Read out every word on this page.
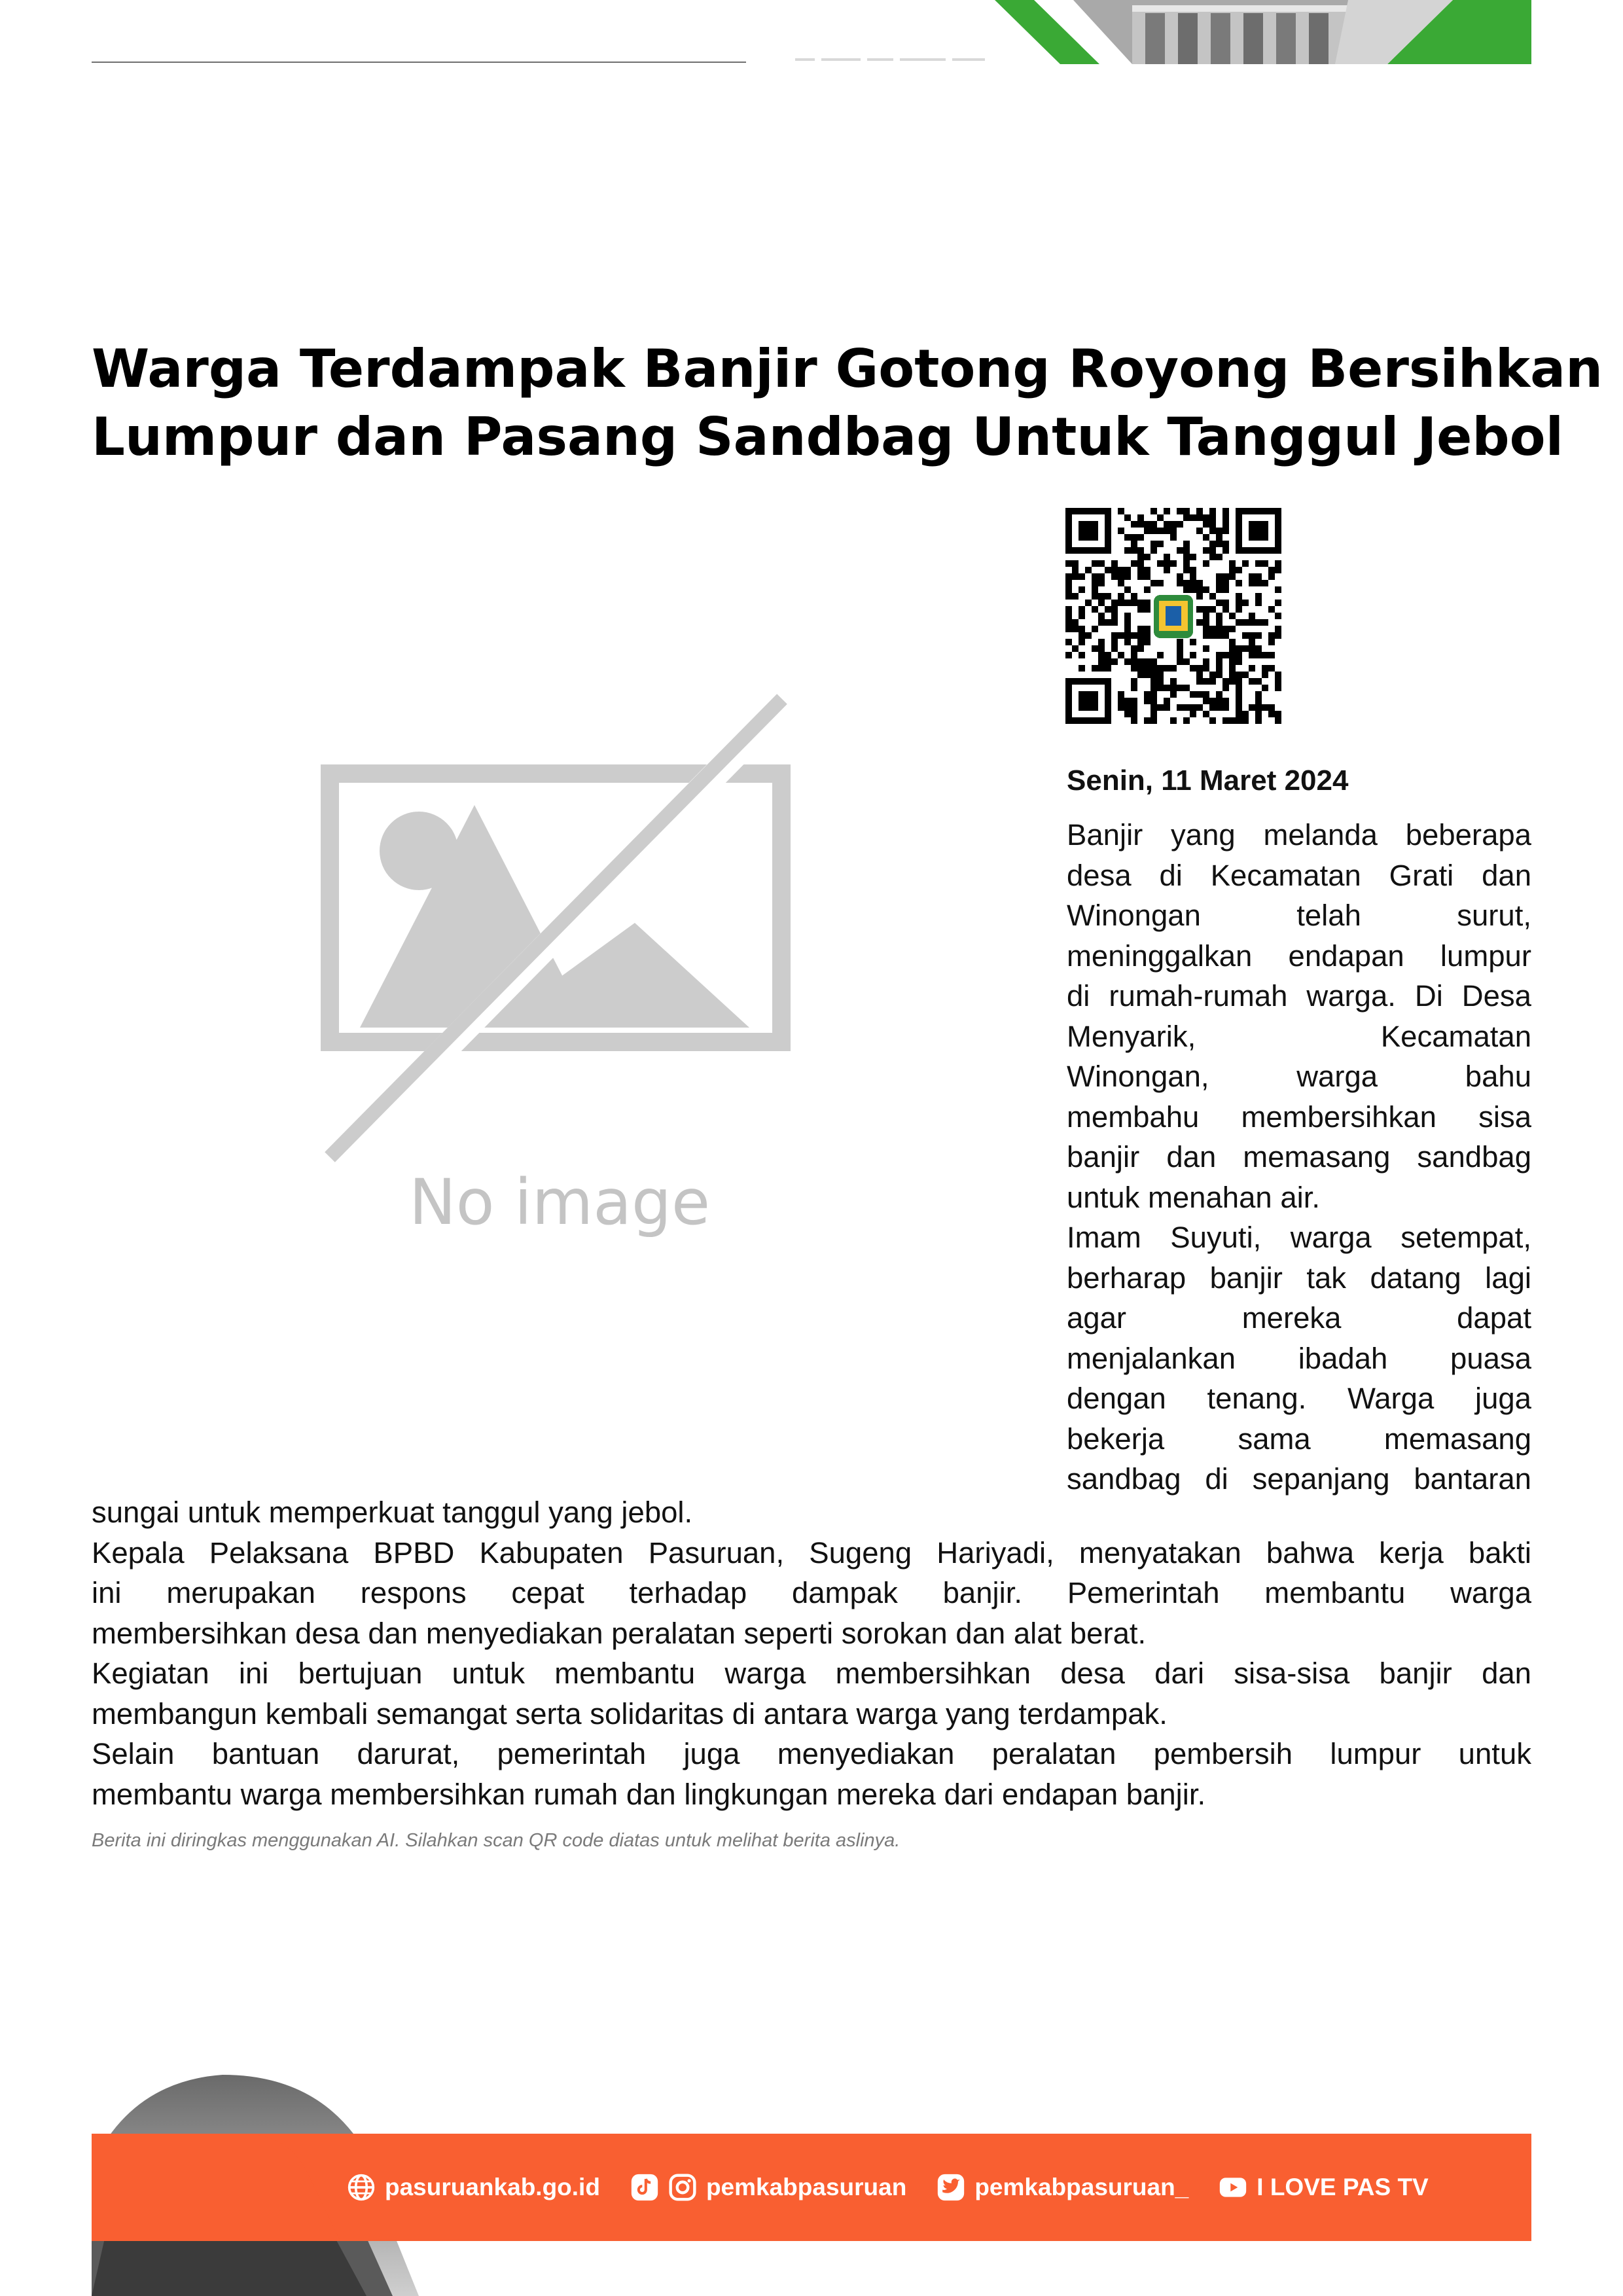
Warga Terdampak Banjir Gotong Royong Bersihkan
Lumpur dan Pasang Sandbag Untuk Tanggul Jebol
No image
Senin, 11 Maret 2024
Banjir yang melanda beberapa
desa di Kecamatan Grati dan
Winongan telah surut,
meninggalkan endapan lumpur
di rumah-rumah warga. Di Desa
Menyarik, Kecamatan
Winongan, warga bahu
membahu membersihkan sisa
banjir dan memasang sandbag
untuk menahan air.
Imam Suyuti, warga setempat,
berharap banjir tak datang lagi
agar mereka dapat
menjalankan ibadah puasa
dengan tenang. Warga juga
bekerja sama memasang
sandbag di sepanjang bantaran
sungai untuk memperkuat tanggul yang jebol.
Kepala Pelaksana BPBD Kabupaten Pasuruan, Sugeng Hariyadi, menyatakan bahwa kerja bakti
ini merupakan respons cepat terhadap dampak banjir. Pemerintah membantu warga
membersihkan desa dan menyediakan peralatan seperti sorokan dan alat berat.
Kegiatan ini bertujuan untuk membantu warga membersihkan desa dari sisa-sisa banjir dan
membangun kembali semangat serta solidaritas di antara warga yang terdampak.
Selain bantuan darurat, pemerintah juga menyediakan peralatan pembersih lumpur untuk
membantu warga membersihkan rumah dan lingkungan mereka dari endapan banjir.
Berita ini diringkas menggunakan AI. Silahkan scan QR code diatas untuk melihat berita aslinya.
pasuruankab.go.id	pemkabpasuruan	pemkabpasuruan_	I LOVE PAS TV
